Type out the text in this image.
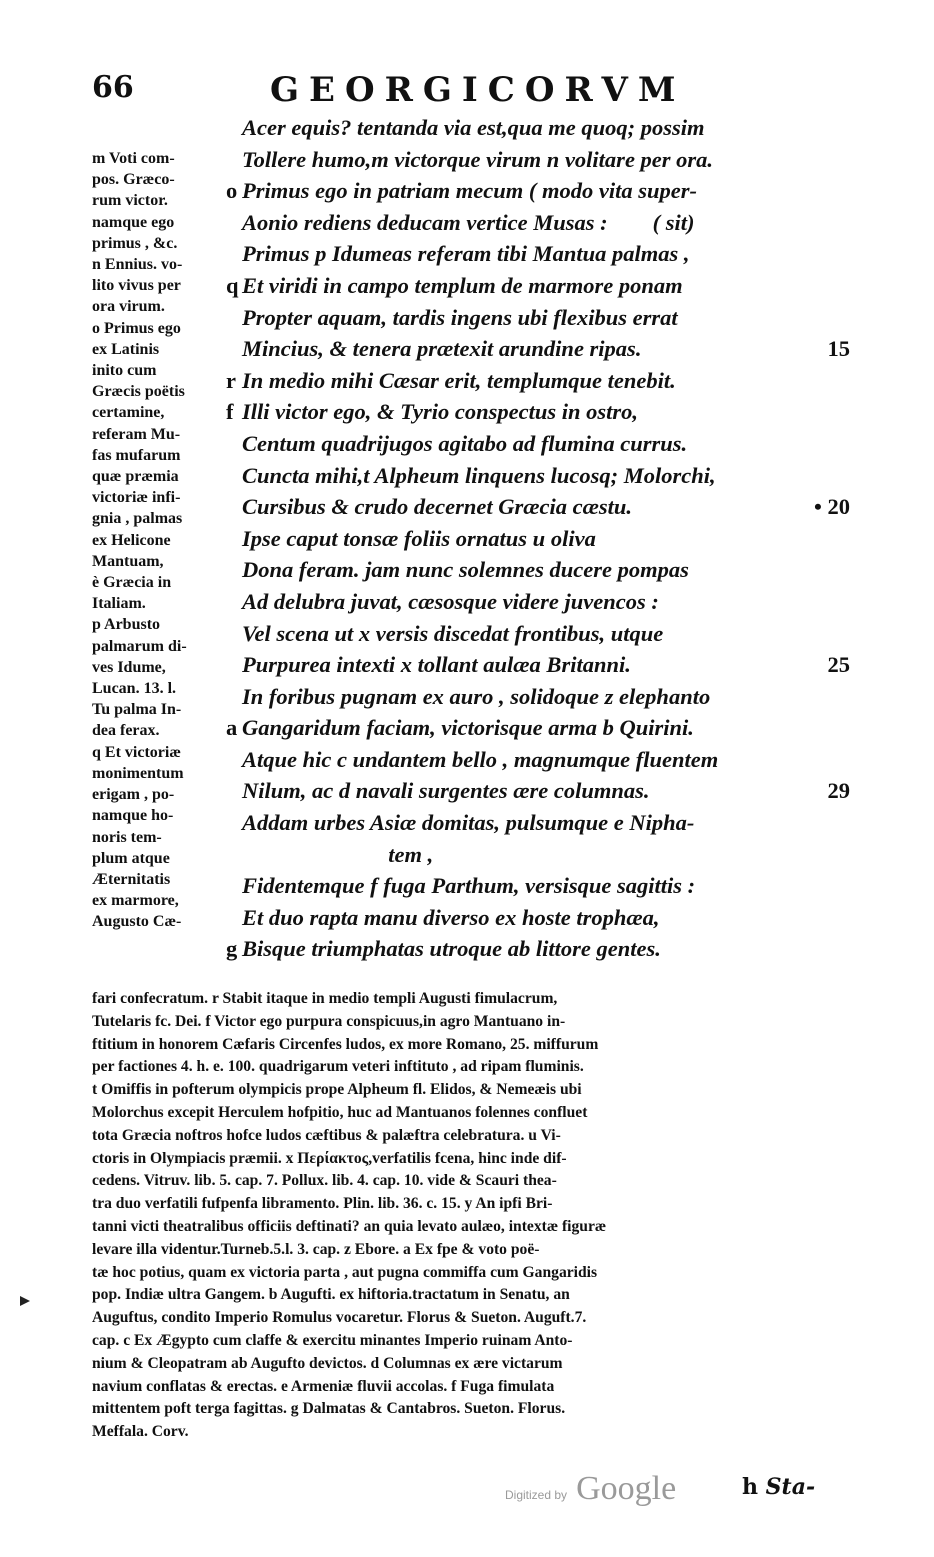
66	GEORGICORVM
m Voti com-
pos. Græco-
rum victor.
namque ego
primus , &c.
n Ennius. vo-
lito vivus per
ora virum.
o Primus ego
ex Latinis
inito cum
Græcis poëtis
certamine,
referam Mu-
fas mufarum
quæ præmia
victoriæ infi-
gnia , palmas
ex Helicone
Mantuam,
è Græcia in
Italiam.
p Arbusto
palmarum di-
ves Idume,
Lucan. 13. l.
Tu palma In-
dea ferax.
q Et victoriæ
monimentum
erigam , po-
namque ho-
noris tem-
plum atque
Æternitatis
ex marmore,
Augusto Cæ-
Acer equis? tentanda via est,qua me quoq; possim
Tollere humo,m victorque virum n volitare per ora.
o Primus ego in patriam mecum ( modo vita super-
Aonio rediens deducam vertice Musas :        ( sit)
Primus p Idumeas referam tibi Mantua palmas ,
q Et viridi in campo templum de marmore ponam
Propter aquam, tardis ingens ubi flexibus errat
Mincius, & tenera prætexit arundine ripas.	15
r In medio mihi Cæsar erit, templumque tenebit.
f Illi victor ego, & Tyrio conspectus in ostro,
Centum quadrijugos agitabo ad flumina currus.
Cuncta mihi,t Alpheum linquens lucosq; Molorchi,
Cursibus & crudo decernet Græcia cæstu.	• 20
Ipse caput tonsæ foliis ornatus u oliva
Dona feram. jam nunc solemnes ducere pompas
Ad delubra juvat, cæsosque videre juvencos :
Vel scena ut x versis discedat frontibus, utque
Purpurea intexti x tollant aulæa Britanni.	25
In foribus pugnam ex auro , solidoque z elephanto
a Gangaridum faciam, victorisque arma b Quirini.
Atque hic c undantem bello , magnumque fluentem
Nilum, ac d navali surgentes ære columnas.	29
Addam urbes Asiæ domitas, pulsumque e Nipha-
tem ,
Fidentemque f fuga Parthum, versisque sagittis :
Et duo rapta manu diverso ex hoste trophæa,
g Bisque triumphatas utroque ab littore gentes.
fari confecratum. r Stabit itaque in medio templi Augusti fimulacrum,
Tutelaris fc. Dei. f Victor ego purpura conspicuus,in agro Mantuano in-
ftitium in honorem Cæfaris Circenfes ludos, ex more Romano, 25. miffurum
per factiones 4. h. e. 100. quadrigarum veteri inftituto , ad ripam fluminis.
t Omiffis in pofterum olympicis prope Alpheum fl. Elidos, & Nemeæis ubi
Molorchus excepit Herculem hofpitio, huc ad Mantuanos folennes confluet
tota Græcia noftros hofce ludos cæftibus & palæftra celebratura. u Vi-
ctoris in Olympiacis præmii. x Περίακτος,verfatilis fcena, hinc inde dif-
cedens. Vitruv. lib. 5. cap. 7. Pollux. lib. 4. cap. 10. vide & Scauri thea-
tra duo verfatili fufpenfa libramento. Plin. lib. 36. c. 15. y An ipfi Bri-
tanni victi theatralibus officiis deftinati? an quia levato aulæo, intextæ figuræ
levare illa videntur.Turneb.5.l. 3. cap. z Ebore. a Ex fpe & voto poë-
tæ hoc potius, quam ex victoria parta , aut pugna commiffa cum Gangaridis
pop. Indiæ ultra Gangem. b Augufti. ex hiftoria.tractatum in Senatu, an
Auguftus, condito Imperio Romulus vocaretur. Florus & Sueton. Auguft.7.
cap. c Ex Ægypto cum claffe & exercitu minantes Imperio ruinam Anto-
nium & Cleopatram ab Augufto devictos. d Columnas ex ære victarum
navium conflatas & erectas. e Armeniæ fluvii accolas. f Fuga fimulata
mittentem poft terga fagittas. g Dalmatas & Cantabros. Sueton. Florus.
Meffala. Corv.
h Sta-
Digitized by Google
